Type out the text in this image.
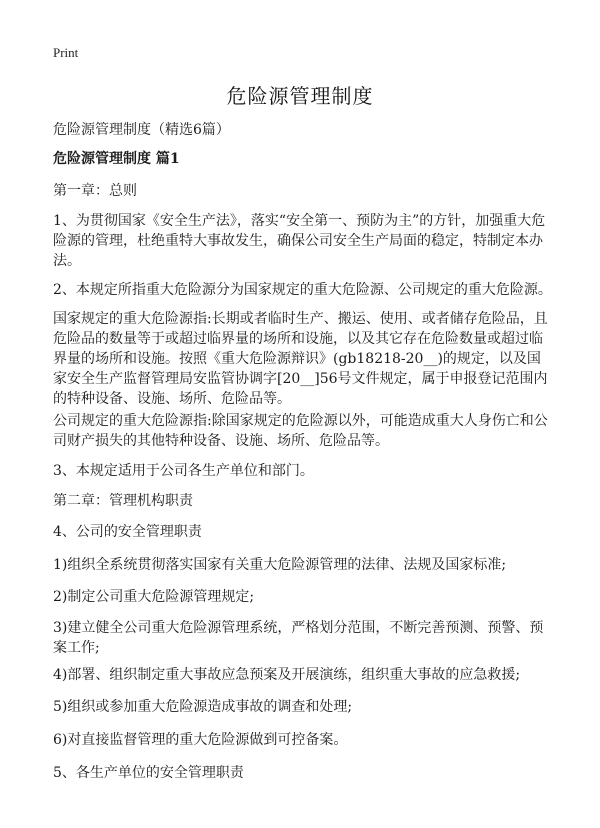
Print
危险源管理制度
危险源管理制度（精选6篇）
危险源管理制度 篇1
第一章：总则
1、为贯彻国家《安全生产法》，落实“安全第一、预防为主”的方针，加强重大危险源的管理，杜绝重特大事故发生，确保公司安全生产局面的稳定，特制定本办法。
2、本规定所指重大危险源分为国家规定的重大危险源、公司规定的重大危险源。
国家规定的重大危险源指:长期或者临时生产、搬运、使用、或者储存危险品，且危险品的数量等于或超过临界量的场所和设施，以及其它存在危险数量或超过临界量的场所和设施。按照《重大危险源辩识》(gb18218-20__)的规定，以及国家安全生产监督管理局安监管协调字[20__]56号文件规定，属于申报登记范围内的特种设备、设施、场所、危险品等。
公司规定的重大危险源指:除国家规定的危险源以外，可能造成重大人身伤亡和公司财产损失的其他特种设备、设施、场所、危险品等。
3、本规定适用于公司各生产单位和部门。
第二章：管理机构职责
4、公司的安全管理职责
1)组织全系统贯彻落实国家有关重大危险源管理的法律、法规及国家标准;
2)制定公司重大危险源管理规定;
3)建立健全公司重大危险源管理系统，严格划分范围，不断完善预测、预警、预案工作;
4)部署、组织制定重大事故应急预案及开展演练，组织重大事故的应急救援;
5)组织或参加重大危险源造成事故的调查和处理;
6)对直接监督管理的重大危险源做到可控备案。
5、各生产单位的安全管理职责
